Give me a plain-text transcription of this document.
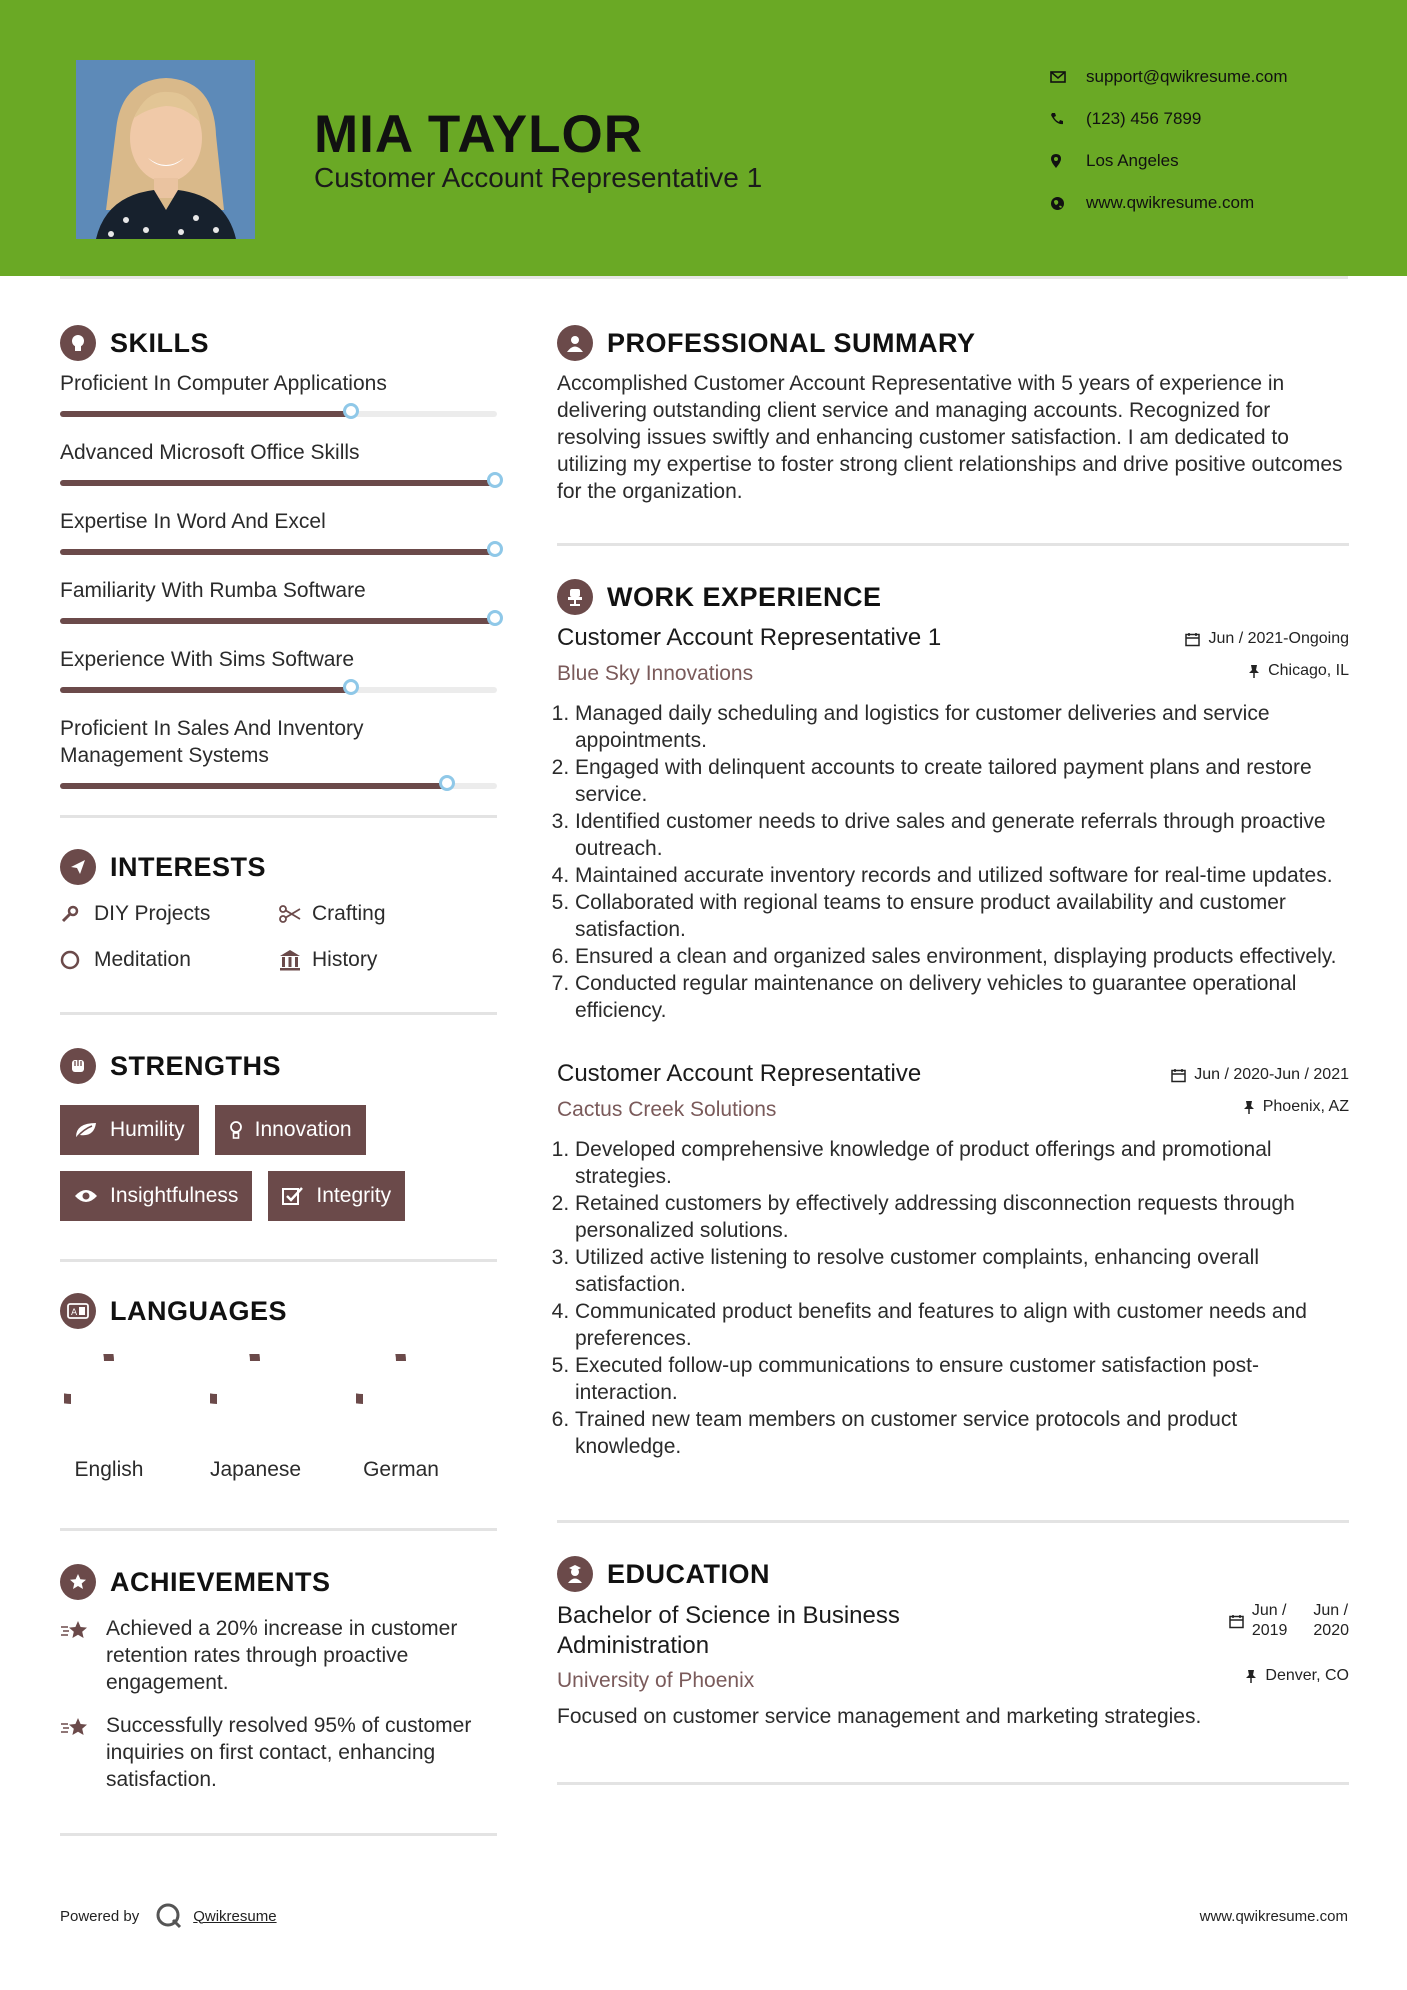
MIA TAYLOR
Customer Account Representative 1
support@qwikresume.com
(123) 456 7899
Los Angeles
www.qwikresume.com
SKILLS
Proficient In Computer Applications
Advanced Microsoft Office Skills
Expertise In Word And Excel
Familiarity With Rumba Software
Experience With Sims Software
Proficient In Sales And Inventory Management Systems
INTERESTS
DIY Projects	Crafting
Meditation	History
STRENGTHS
Humility	Innovation
Insightfulness	Integrity
A LANGUAGES
English	Japanese	German
ACHIEVEMENTS
Achieved a 20% increase in customer retention rates through proactive engagement.
Successfully resolved 95% of customer inquiries on first contact, enhancing satisfaction.
PROFESSIONAL SUMMARY
Accomplished Customer Account Representative with 5 years of experience in delivering outstanding client service and managing accounts. Recognized for resolving issues swiftly and enhancing customer satisfaction. I am dedicated to utilizing my expertise to foster strong client relationships and drive positive outcomes for the organization.
WORK EXPERIENCE
Customer Account Representative 1
Blue Sky Innovations
Jun / 2021-Ongoing
Chicago, IL
1. Managed daily scheduling and logistics for customer deliveries and service appointments.
2. Engaged with delinquent accounts to create tailored payment plans and restore service.
3. Identified customer needs to drive sales and generate referrals through proactive outreach.
4. Maintained accurate inventory records and utilized software for real-time updates.
5. Collaborated with regional teams to ensure product availability and customer satisfaction.
6. Ensured a clean and organized sales environment, displaying products effectively.
7. Conducted regular maintenance on delivery vehicles to guarantee operational efficiency.
Customer Account Representative
Cactus Creek Solutions
Jun / 2020-Jun / 2021
Phoenix, AZ
1. Developed comprehensive knowledge of product offerings and promotional strategies.
2. Retained customers by effectively addressing disconnection requests through personalized solutions.
3. Utilized active listening to resolve customer complaints, enhancing overall satisfaction.
4. Communicated product benefits and features to align with customer needs and preferences.
5. Executed follow-up communications to ensure customer satisfaction post-interaction.
6. Trained new team members on customer service protocols and product knowledge.
EDUCATION
Bachelor of Science in Business Administration
University of Phoenix
Jun /
2019
Jun /
2020
Denver, CO
Focused on customer service management and marketing strategies.
Powered by	Qwikresume	www.qwikresume.com
